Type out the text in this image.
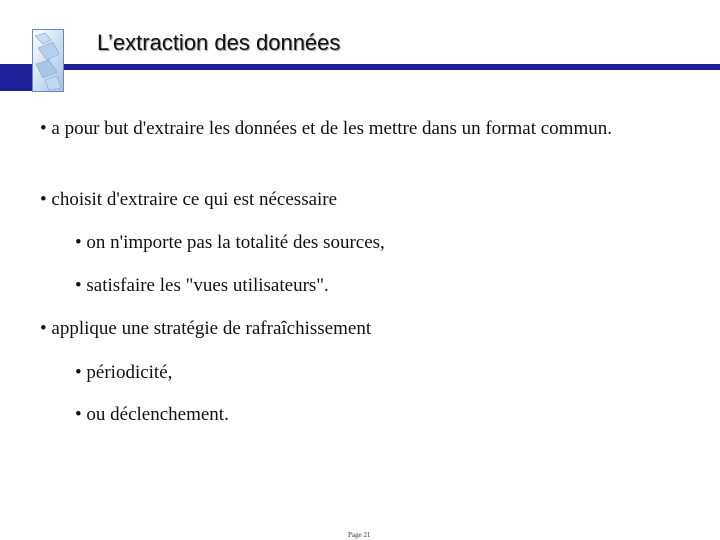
L’extraction des données
• a pour but d'extraire les données et de les mettre dans un format commun.
• choisit d'extraire ce qui est nécessaire
• on n'importe pas la totalité des sources,
• satisfaire les "vues utilisateurs".
• applique une stratégie de rafraîchissement
• périodicité,
• ou déclenchement.
Page 21
